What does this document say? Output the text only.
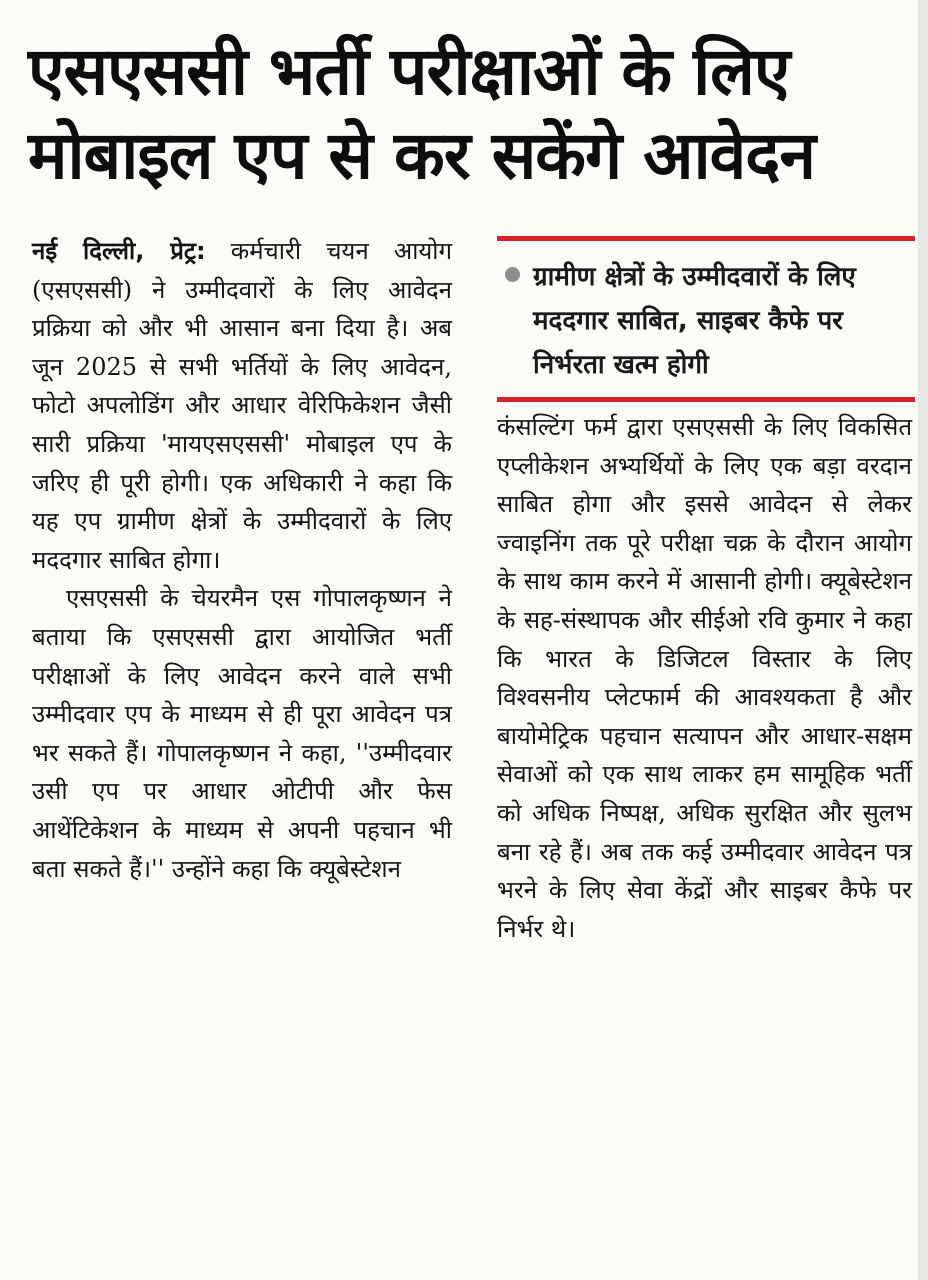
एसएससी भर्ती परीक्षाओं के लिए
मोबाइल एप से कर सकेंगे आवेदन

नई दिल्ली, प्रेट्र: कर्मचारी चयन आयोग (एसएससी) ने उम्मीदवारों के लिए आवेदन प्रक्रिया को और भी आसान बना दिया है। अब जून 2025 से सभी भर्तियों के लिए आवेदन, फोटो अपलोडिंग और आधार वेरिफिकेशन जैसी सारी प्रक्रिया 'मायएसएससी' मोबाइल एप के जरिए ही पूरी होगी। एक अधिकारी ने कहा कि यह एप ग्रामीण क्षेत्रों के उम्मीदवारों के लिए मददगार साबित होगा।

एसएससी के चेयरमैन एस गोपालकृष्णन ने बताया कि एसएससी द्वारा आयोजित भर्ती परीक्षाओं के लिए आवेदन करने वाले सभी उम्मीदवार एप के माध्यम से ही पूरा आवेदन पत्र भर सकते हैं। गोपालकृष्णन ने कहा, ''उम्मीदवार उसी एप पर आधार ओटीपी और फेस आथेंटिकेशन के माध्यम से अपनी पहचान भी बता सकते हैं।'' उन्होंने कहा कि क्यूबेस्टेशन

ग्रामीण क्षेत्रों के उम्मीदवारों के लिए मददगार साबित, साइबर कैफे पर निर्भरता खत्म होगी

कंसल्टिंग फर्म द्वारा एसएससी के लिए विकसित एप्लीकेशन अभ्यर्थियों के लिए एक बड़ा वरदान साबित होगा और इससे आवेदन से लेकर ज्वाइनिंग तक पूरे परीक्षा चक्र के दौरान आयोग के साथ काम करने में आसानी होगी। क्यूबेस्टेशन के सह-संस्थापक और सीईओ रवि कुमार ने कहा कि भारत के डिजिटल विस्तार के लिए विश्वसनीय प्लेटफार्म की आवश्यकता है और बायोमेट्रिक पहचान सत्यापन और आधार-सक्षम सेवाओं को एक साथ लाकर हम सामूहिक भर्ती को अधिक निष्पक्ष, अधिक सुरक्षित और सुलभ बना रहे हैं। अब तक कई उम्मीदवार आवेदन पत्र भरने के लिए सेवा केंद्रों और साइबर कैफे पर निर्भर थे।
